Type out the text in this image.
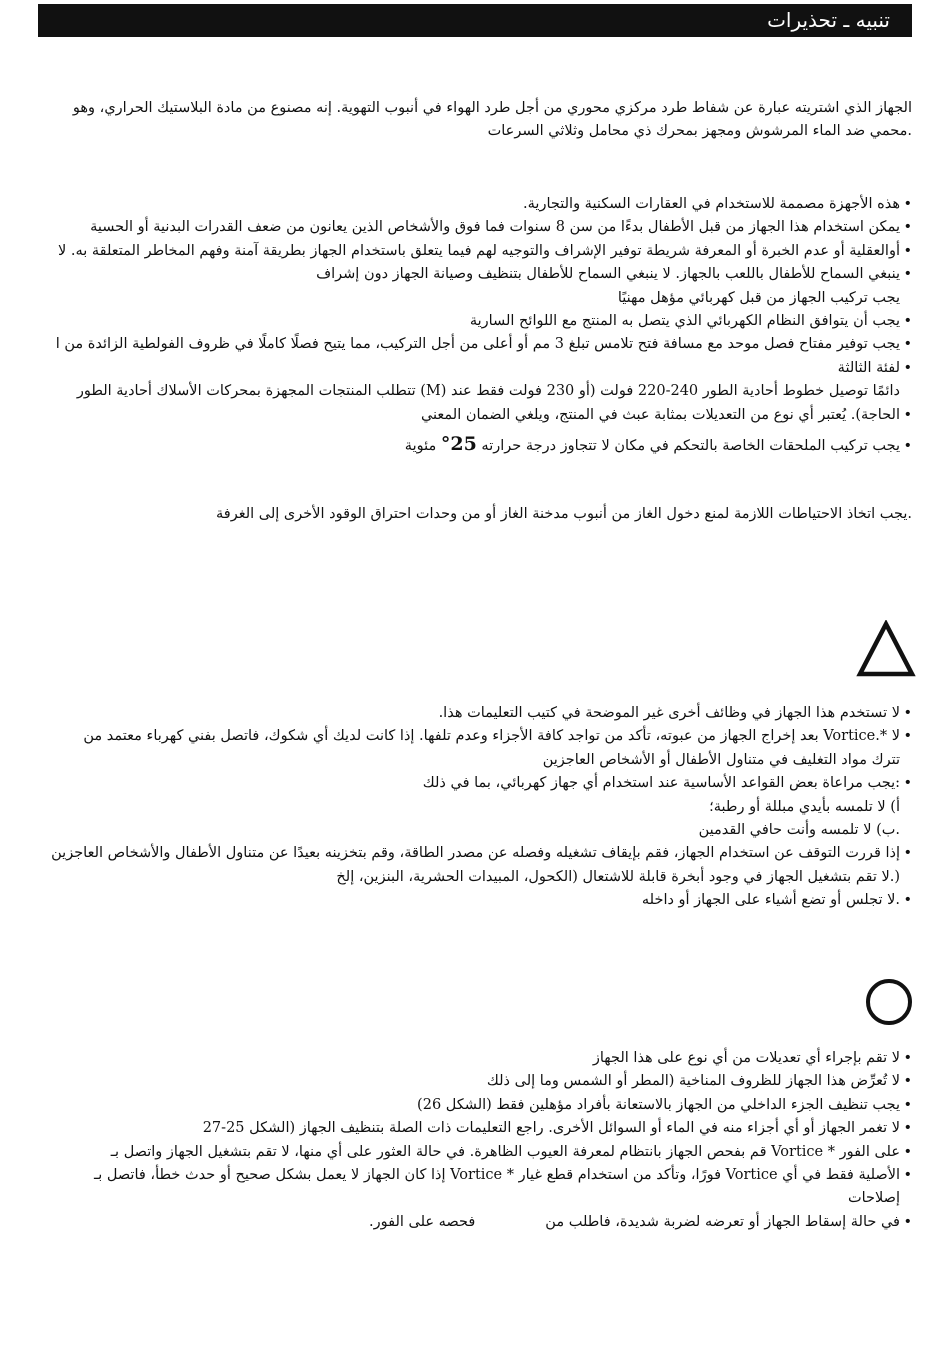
تنبيه ـ تحذيرات
الجهاز الذي اشتريته عبارة عن شفاط طرد مركزي محوري من أجل طرد الهواء في أنبوب التهوية. إنه مصنوع من مادة البلاستيك الحراري، وهو
.محمي ضد الماء المرشوش ومجهز بمحرك ذي محامل وثلاثي السرعات
• هذه الأجهزة مصممة للاستخدام في العقارات السكنية والتجارية.
• يمكن استخدام هذا الجهاز من قبل الأطفال بدءًا من سن 8 سنوات فما فوق والأشخاص الذين يعانون من ضعف القدرات البدنية أو الحسية
• أوالعقلية أو عدم الخبرة أو المعرفة شريطة توفير الإشراف والتوجيه لهم فيما يتعلق باستخدام الجهاز بطريقة آمنة وفهم المخاطر المتعلقة به. لا
• ينبغي السماح للأطفال باللعب بالجهاز. لا ينبغي السماح للأطفال بتنظيف وصيانة الجهاز دون إشراف
يجب تركيب الجهاز من قبل كهربائي مؤهل مهنيًا
• يجب أن يتوافق النظام الكهربائي الذي يتصل به المنتج مع اللوائح السارية
• يجب توفير مفتاح فصل موحد مع مسافة فتح تلامس تبلغ 3 مم أو أعلى من أجل التركيب، مما يتيح فصلًا كاملًا في ظروف الفولطية الزائدة من ا
• لفئة الثالثة
دائمًا توصيل خطوط أحادية الطور 240-220 فولت (أو 230 فولت فقط عند (M) تتطلب المنتجات المجهزة بمحركات الأسلاك أحادية الطور
• الحاجة). يُعتبر أي نوع من التعديلات بمثابة عبث في المنتج، ويلغي الضمان المعني
• يجب تركيب الملحقات الخاصة بالتحكم في مكان لا تتجاوز درجة حرارته 25° مئوية
.يجب اتخاذ الاحتياطات اللازمة لمنع دخول الغاز من أنبوب مدخنة الغاز أو من وحدات احتراق الوقود الأخرى إلى الغرفة
• لا تستخدم هذا الجهاز في وظائف أخرى غير الموضحة في كتيب التعليمات هذا.
• لا *.Vortice بعد إخراج الجهاز من عبوته، تأكد من تواجد كافة الأجزاء وعدم تلفها. إذا كانت لديك أي شكوك، فاتصل بفني كهرباء معتمد من
تترك مواد التغليف في متناول الأطفال أو الأشخاص العاجزين
• :يجب مراعاة بعض القواعد الأساسية عند استخدام أي جهاز كهربائي، بما في ذلك
أ) لا تلمسه بأيدي مبللة أو رطبة؛
.ب) لا تلمسه وأنت حافي القدمين
• إذا قررت التوقف عن استخدام الجهاز، فقم بإيقاف تشغيله وفصله عن مصدر الطاقة، وقم بتخزينه بعيدًا عن متناول الأطفال والأشخاص العاجزين
(.لا تقم بتشغيل الجهاز في وجود أبخرة قابلة للاشتعال (الكحول، المبيدات الحشرية، البنزين، إلخ
• .لا تجلس أو تضع أشياء على الجهاز أو داخله
• لا تقم بإجراء أي تعديلات من أي نوع على هذا الجهاز
• لا تُعرِّض هذا الجهاز للظروف المناخية (المطر أو الشمس وما إلى ذلك
• يجب تنظيف الجزء الداخلي من الجهاز بالاستعانة بأفراد مؤهلين فقط (الشكل 26)
• لا تغمر الجهاز أو أي أجزاء منه في الماء أو السوائل الأخرى. راجع التعليمات ذات الصلة بتنظيف الجهاز (الشكل 25-27
• على الفور * Vortice قم بفحص الجهاز بانتظام لمعرفة العيوب الظاهرة. في حالة العثور على أي منها، لا تقم بتشغيل الجهاز واتصل بـ
• الأصلية فقط في أي Vortice فورًا، وتأكد من استخدام قطع غيار * Vortice إذا كان الجهاز لا يعمل بشكل صحيح أو حدث خطأ، فاتصل بـ
إصلاحات
• في حالة إسقاط الجهاز أو تعرضه لضربة شديدة، فاطلب منفحصه على الفور.
